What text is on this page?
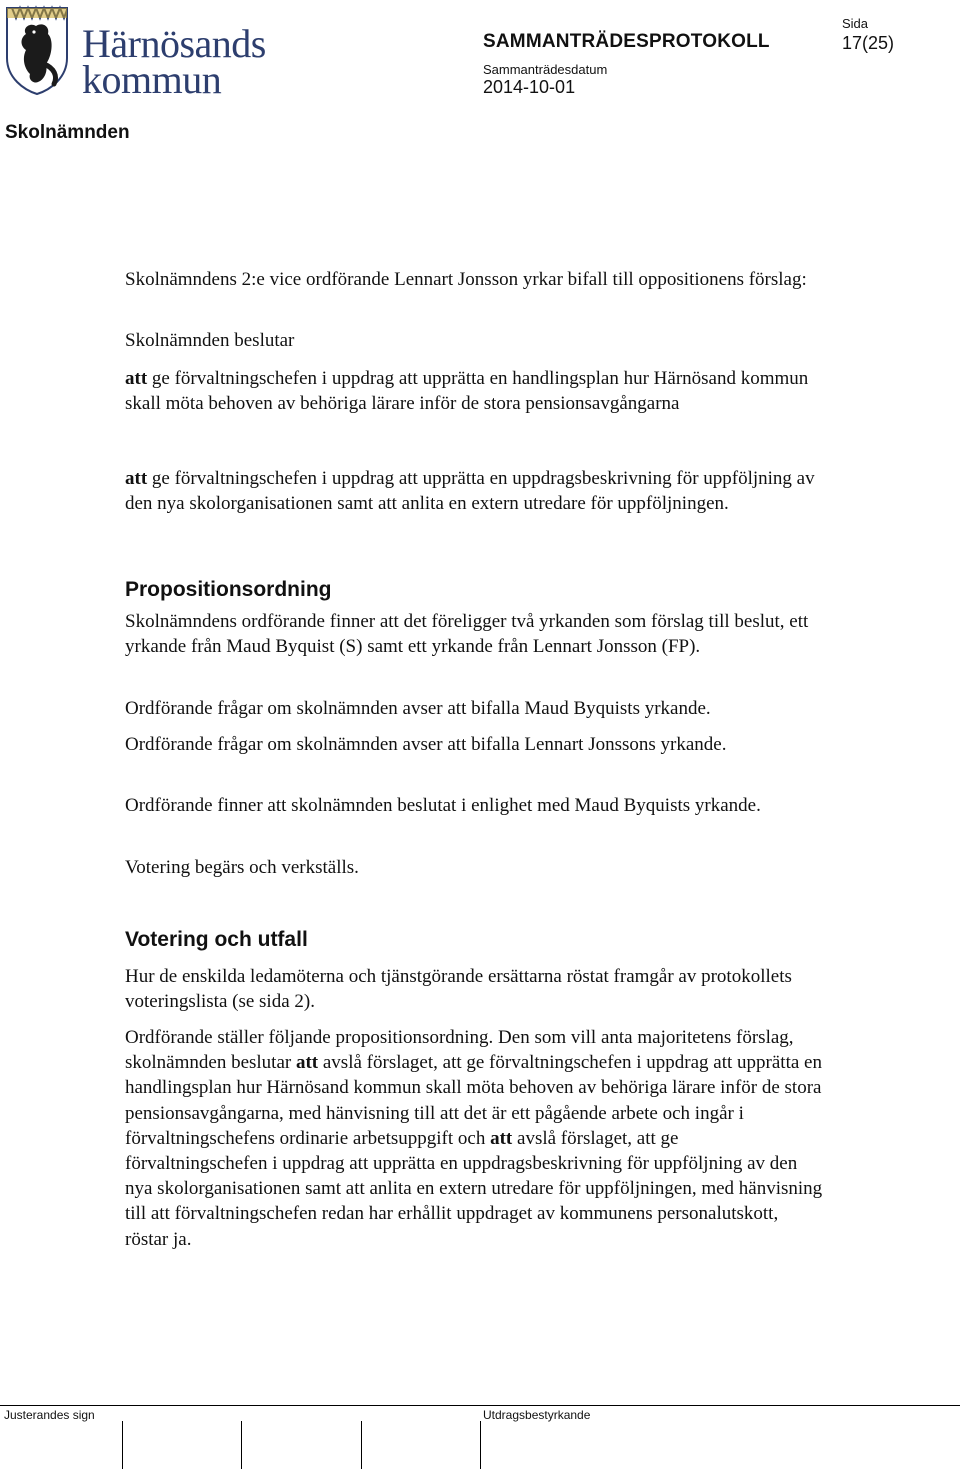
Härnösands
kommun
SAMMANTRÄDESPROTOKOLL
Sida
17(25)
Sammanträdesdatum
2014-10-01
Skolnämnden
Skolnämndens 2:e vice ordförande Lennart Jonsson yrkar bifall till oppositionens förslag:
Skolnämnden beslutar
att ge förvaltningschefen i uppdrag att upprätta en handlingsplan hur Härnösand kommun skall möta behoven av behöriga lärare inför de stora pensionsavgångarna
att ge förvaltningschefen i uppdrag att upprätta en uppdragsbeskrivning för uppföljning av den nya skolorganisationen samt att anlita en extern utredare för uppföljningen.
Propositionsordning
Skolnämndens ordförande finner att det föreligger två yrkanden som förslag till beslut, ett yrkande från Maud Byquist (S) samt ett yrkande från Lennart Jonsson (FP).
Ordförande frågar om skolnämnden avser att bifalla Maud Byquists yrkande.
Ordförande frågar om skolnämnden avser att bifalla Lennart Jonssons yrkande.
Ordförande finner att skolnämnden beslutat i enlighet med Maud Byquists yrkande.
Votering begärs och verkställs.
Votering och utfall
Hur de enskilda ledamöterna och tjänstgörande ersättarna röstat framgår av protokollets voteringslista (se sida 2).
Ordförande ställer följande propositionsordning. Den som vill anta majoritetens förslag, skolnämnden beslutar att avslå förslaget, att ge förvaltningschefen i uppdrag att upprätta en handlingsplan hur Härnösand kommun skall möta behoven av behöriga lärare inför de stora pensionsavgångarna, med hänvisning till att det är ett pågående arbete och ingår i förvaltningschefens ordinarie arbetsuppgift och att avslå förslaget, att ge förvaltningschefen i uppdrag att upprätta en uppdragsbeskrivning för uppföljning av den nya skolorganisationen samt att anlita en extern utredare för uppföljningen, med hänvisning till att förvaltningschefen redan har erhållit uppdraget av kommunens personalutskott, röstar ja.
Justerandes sign	Utdragsbestyrkande
